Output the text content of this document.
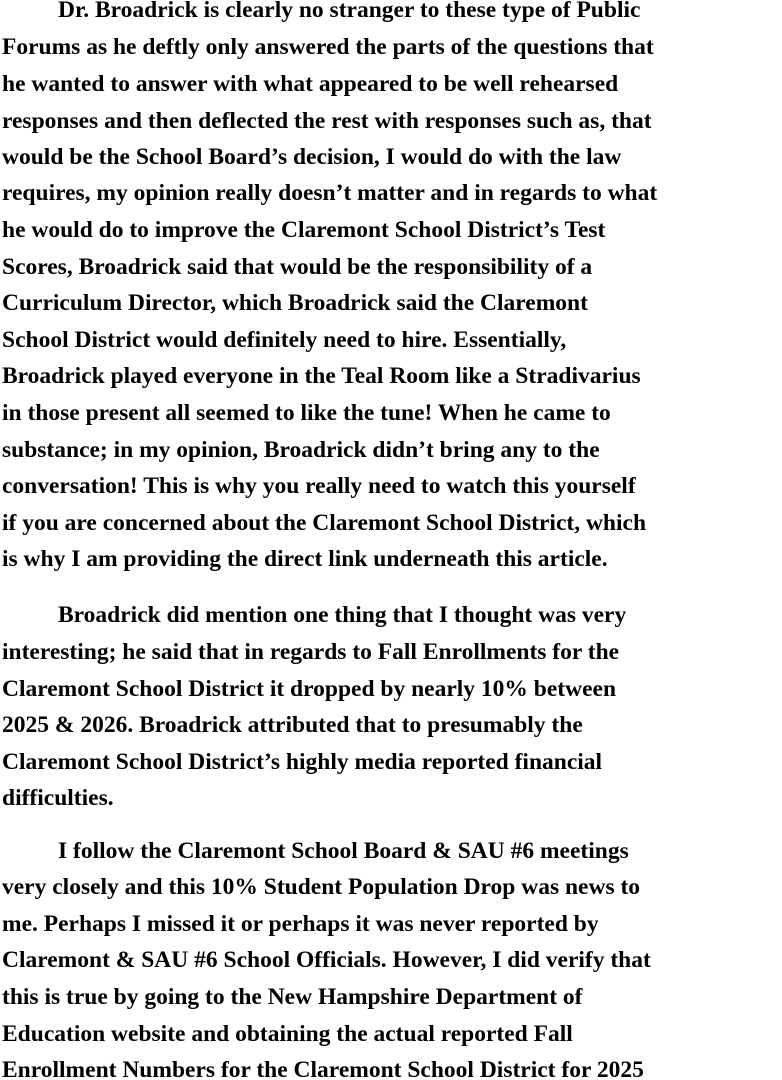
Dr. Broadrick is clearly no stranger to these type of Public

Forums as he deftly only answered the parts of the questions that

he wanted to answer with what appeared to be well rehearsed

responses and then deflected the rest with responses such as, that

would be the School Board’s decision, I would do with the law

requires, my opinion really doesn’t matter and in regards to what

he would do to improve the Claremont School District’s Test

Scores, Broadrick said that would be the responsibility of a

Curriculum Director, which Broadrick said the Claremont

School District would definitely need to hire. Essentially,

Broadrick played everyone in the Teal Room like a Stradivarius

in those present all seemed to like the tune! When he came to

substance; in my opinion, Broadrick didn’t bring any to the

conversation! This is why you really need to watch this yourself

if you are concerned about the Claremont School District, which

is why I am providing the direct link underneath this article.

Broadrick did mention one thing that I thought was very

interesting; he said that in regards to Fall Enrollments for the

Claremont School District it dropped by nearly 10% between

2025 & 2026. Broadrick attributed that to presumably the

Claremont School District’s highly media reported financial

difficulties.

I follow the Claremont School Board & SAU #6 meetings

very closely and this 10% Student Population Drop was news to

me. Perhaps I missed it or perhaps it was never reported by

Claremont & SAU #6 School Officials. However, I did verify that

this is true by going to the New Hampshire Department of

Education website and obtaining the actual reported Fall

Enrollment Numbers for the Claremont School District for 2025
